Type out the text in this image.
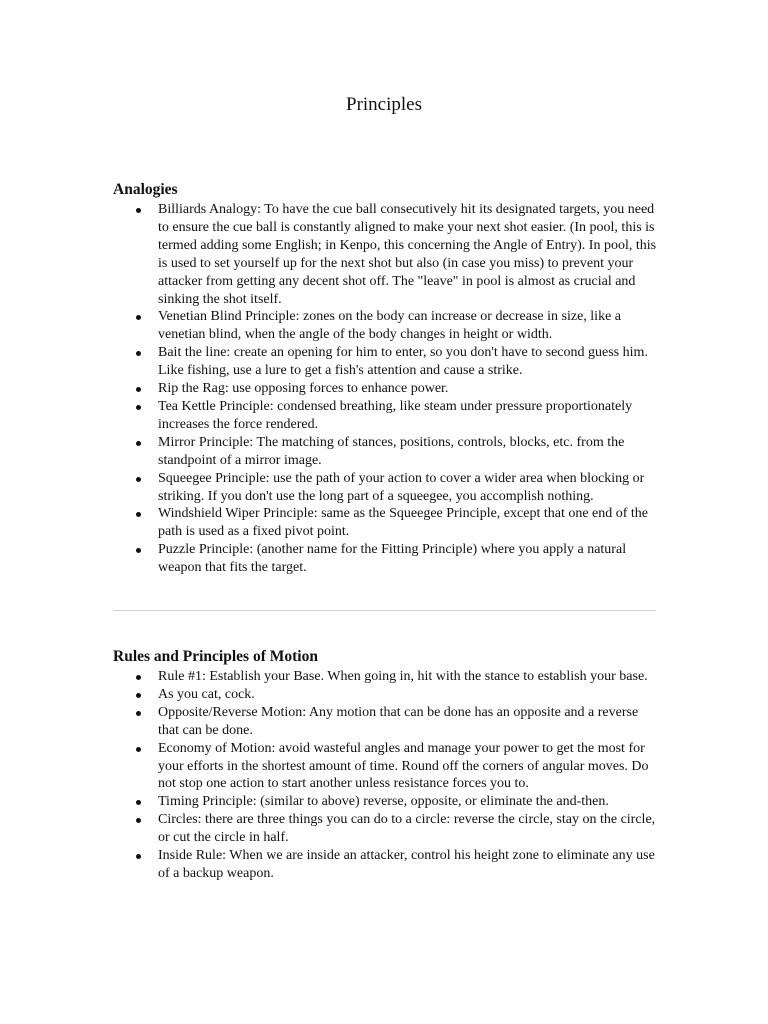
Principles
Analogies
Billiards Analogy: To have the cue ball consecutively hit its designated targets, you need to ensure the cue ball is constantly aligned to make your next shot easier. (In pool, this is termed adding some English; in Kenpo, this concerning the Angle of Entry). In pool, this is used to set yourself up for the next shot but also (in case you miss) to prevent your attacker from getting any decent shot off. The "leave" in pool is almost as crucial and sinking the shot itself.
Venetian Blind Principle: zones on the body can increase or decrease in size, like a venetian blind, when the angle of the body changes in height or width.
Bait the line: create an opening for him to enter, so you don't have to second guess him. Like fishing, use a lure to get a fish's attention and cause a strike.
Rip the Rag: use opposing forces to enhance power.
Tea Kettle Principle: condensed breathing, like steam under pressure proportionately increases the force rendered.
Mirror Principle: The matching of stances, positions, controls, blocks, etc. from the standpoint of a mirror image.
Squeegee Principle: use the path of your action to cover a wider area when blocking or striking. If you don't use the long part of a squeegee, you accomplish nothing.
Windshield Wiper Principle: same as the Squeegee Principle, except that one end of the path is used as a fixed pivot point.
Puzzle Principle: (another name for the Fitting Principle) where you apply a natural weapon that fits the target.
Rules and Principles of Motion
Rule #1: Establish your Base. When going in, hit with the stance to establish your base.
As you cat, cock.
Opposite/Reverse Motion: Any motion that can be done has an opposite and a reverse that can be done.
Economy of Motion: avoid wasteful angles and manage your power to get the most for your efforts in the shortest amount of time. Round off the corners of angular moves. Do not stop one action to start another unless resistance forces you to.
Timing Principle: (similar to above) reverse, opposite, or eliminate the and-then.
Circles: there are three things you can do to a circle: reverse the circle, stay on the circle, or cut the circle in half.
Inside Rule: When we are inside an attacker, control his height zone to eliminate any use of a backup weapon.
